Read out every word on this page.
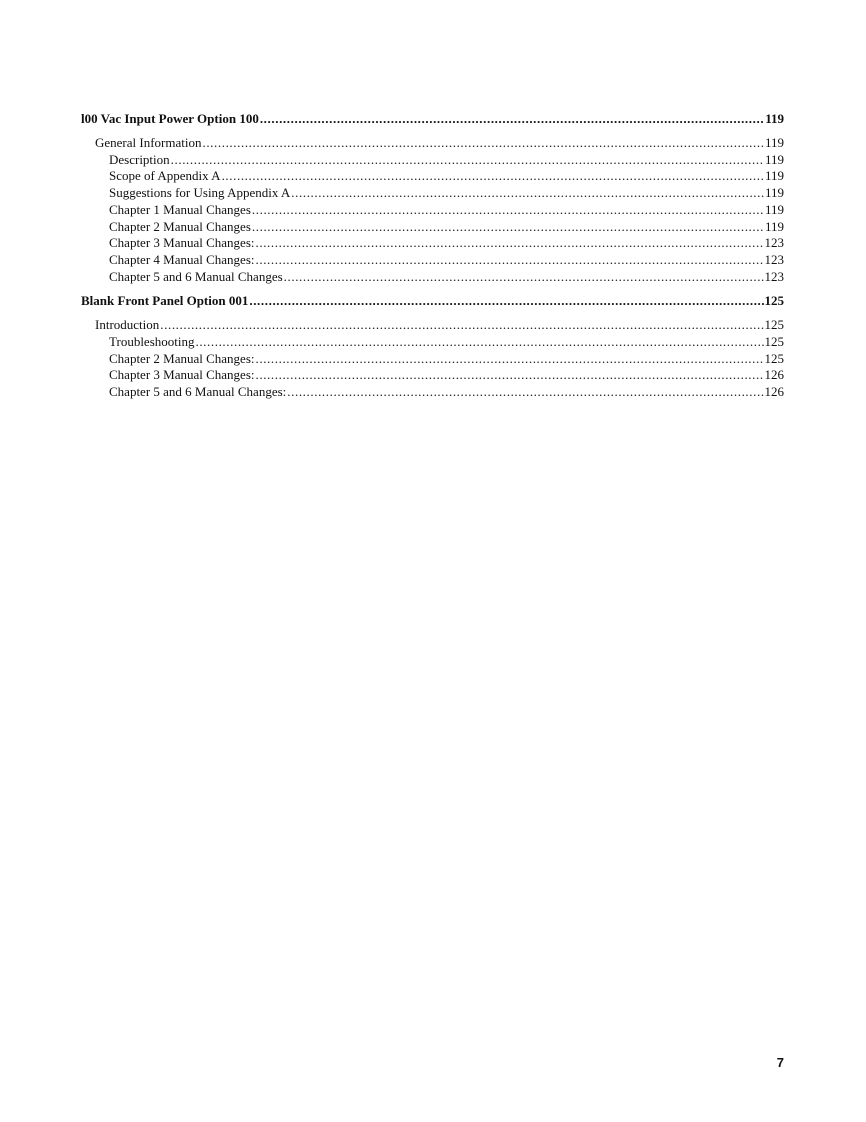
l00 Vac Input Power Option 100 .....	119
General Information .....	119
Description .....	119
Scope of Appendix A .....	119
Suggestions for Using Appendix A .....	119
Chapter 1 Manual Changes .....	119
Chapter 2 Manual Changes .....	119
Chapter 3 Manual Changes: .....	123
Chapter 4 Manual Changes: .....	123
Chapter 5 and 6 Manual Changes .....	123
Blank Front Panel Option 001 .....	125
Introduction .....	125
Troubleshooting .....	125
Chapter 2 Manual Changes: .....	125
Chapter 3 Manual Changes: .....	126
Chapter 5 and 6 Manual Changes: .....	126
7
